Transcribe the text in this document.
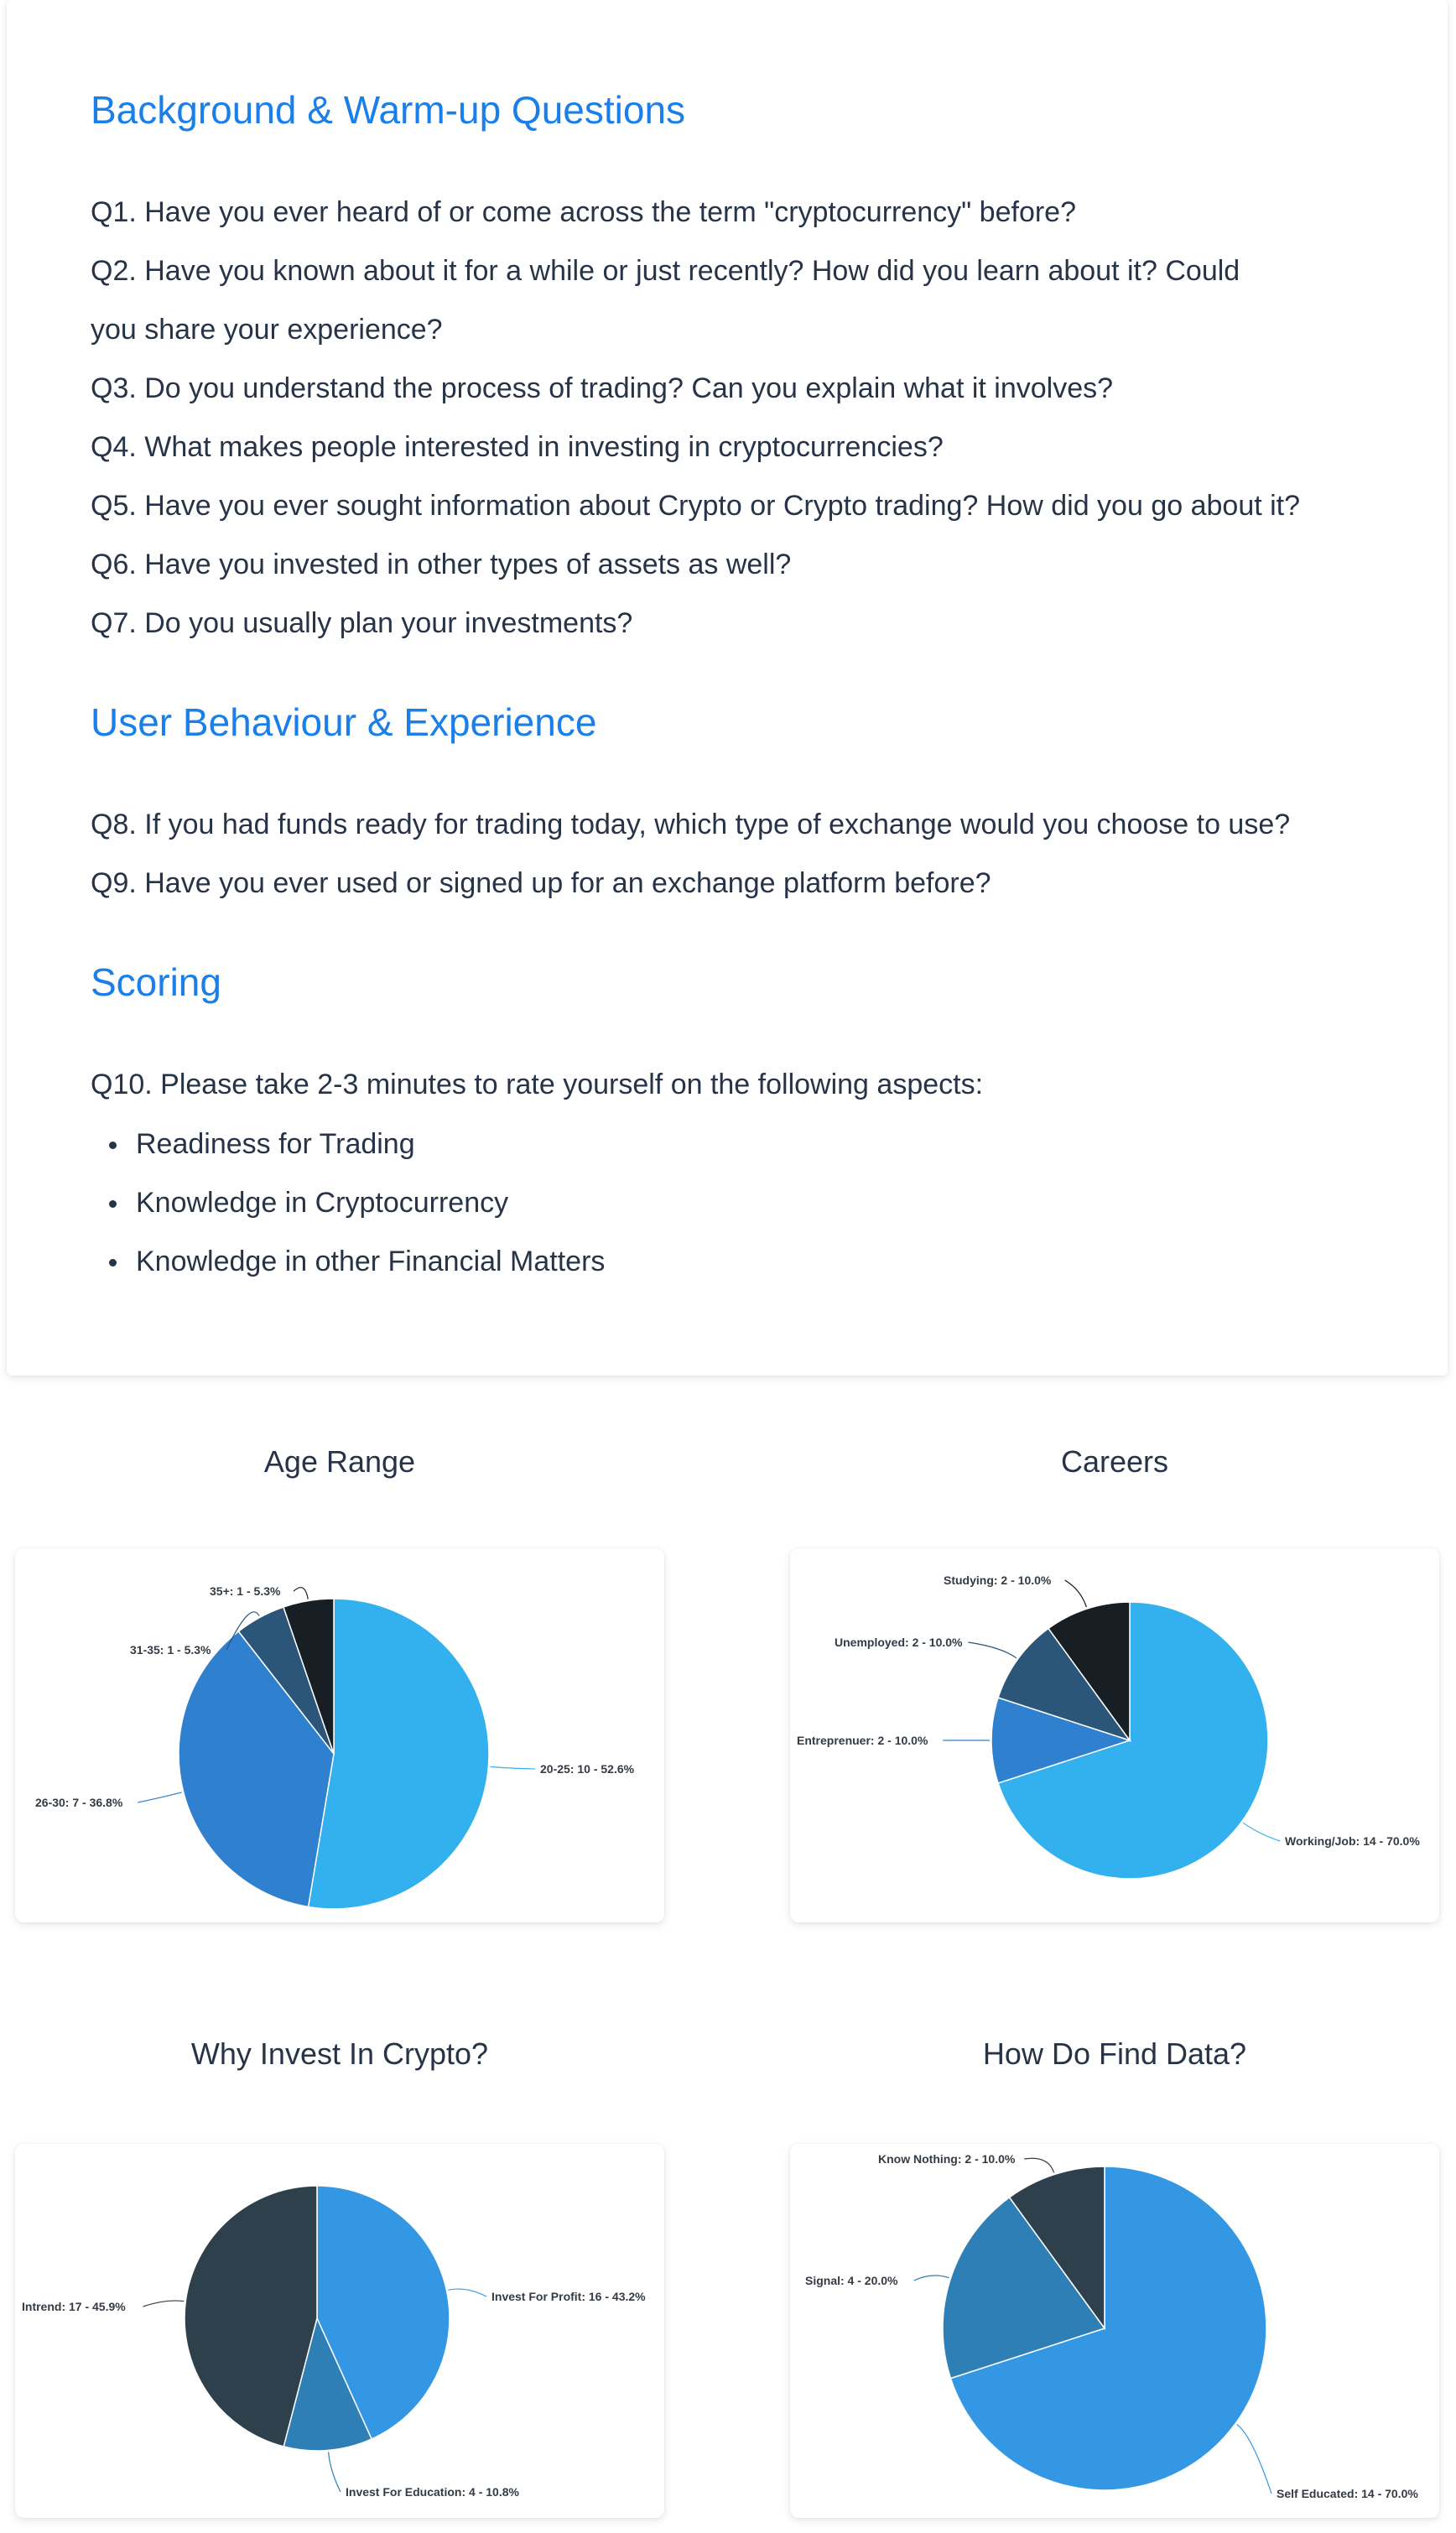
Background & Warm-up Questions

Q1. Have you ever heard of or come across the term "cryptocurrency" before?

Q2. Have you known about it for a while or just recently? How did you learn about it? Could

you share your experience?

Q3. Do you understand the process of trading? Can you explain what it involves?

Q4. What makes people interested in investing in cryptocurrencies?

Q5. Have you ever sought information about Crypto or Crypto trading? How did you go about it?

Q6. Have you invested in other types of assets as well?

Q7. Do you usually plan your investments?

User Behaviour & Experience

Q8. If you had funds ready for trading today, which type of exchange would you choose to use?

Q9. Have you ever used or signed up for an exchange platform before?

Scoring

Q10. Please take 2-3 minutes to rate yourself on the following aspects:

Readiness for Trading
Knowledge in Cryptocurrency
Knowledge in other Financial Matters
Age Range
20-25: 10 - 52.6%
26-30: 7 - 36.8%
31-35: 1 - 5.3%
35+: 1 - 5.3%
Careers
Working/Job: 14 - 70.0%
Entreprenuer: 2 - 10.0%
Unemployed: 2 - 10.0%
Studying: 2 - 10.0%
Why Invest In Crypto?
Invest For Profit: 16 - 43.2%
Invest For Education: 4 - 10.8%
Intrend: 17 - 45.9%
How Do Find Data?
Self Educated: 14 - 70.0%
Signal: 4 - 20.0%
Know Nothing: 2 - 10.0%
